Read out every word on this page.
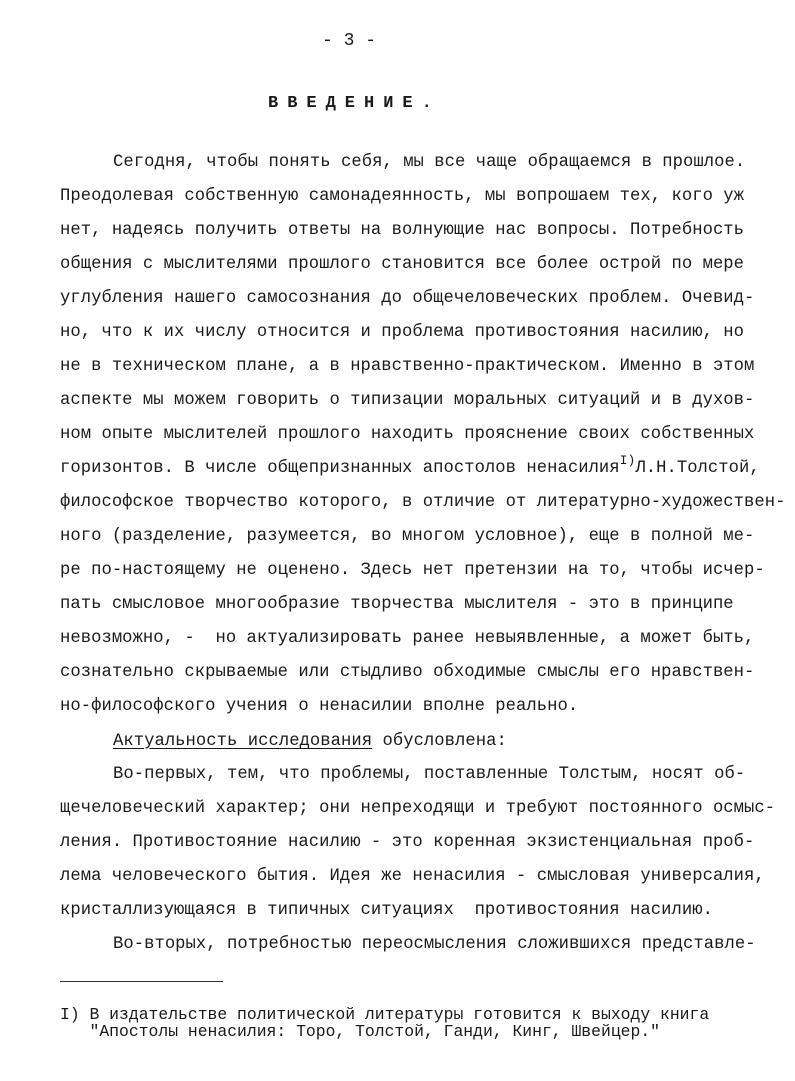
- 3 -
ВВЕДЕНИЕ.
Сегодня, чтобы понять себя, мы все чаще обращаемся в прошлое.
Преодолевая собственную самонадеянность, мы вопрошаем тех, кого уж
нет, надеясь получить ответы на волнующие нас вопросы. Потребность
общения с мыслителями прошлого становится все более острой по мере
углубления нашего самосознания до общечеловеческих проблем. Очевид-
но, что к их числу относится и проблема противостояния насилию, но
не в техническом плане, а в нравственно-практическом. Именно в этом
аспекте мы можем говорить о типизации моральных ситуаций и в духов-
ном опыте мыслителей прошлого находить прояснение своих собственных
горизонтов. В числе общепризнанных апостолов ненасилия$^{I)}$Л.Н.Толстой,
философское творчество которого, в отличие от литературно-художествен-
ного (разделение, разумеется, во многом условное), еще в полной ме-
ре по-настоящему не оценено. Здесь нет претензии на то, чтобы исчер-
пать смысловое многообразие творчества мыслителя - это в принципе
невозможно, -  но актуализировать ранее невыявленные, а может быть,
сознательно скрываемые или стыдливо обходимые смыслы его нравствен-
но-философского учения о ненасилии вполне реально.
Актуальность исследования обусловлена:
Во-первых, тем, что проблемы, поставленные Толстым, носят об-
щечеловеческий характер; они непреходящи и требуют постоянного осмыс-
ления. Противостояние насилию - это коренная экзистенциальная проб-
лема человеческого бытия. Идея же ненасилия - смысловая универсалия,
кристаллизующаяся в типичных ситуациях  противостояния насилию.
Во-вторых, потребностью переосмысления сложившихся представле-
I) В издательстве политической литературы готовится к выходу книга
"Апостолы ненасилия: Торо, Толстой, Ганди, Кинг, Швейцер."
